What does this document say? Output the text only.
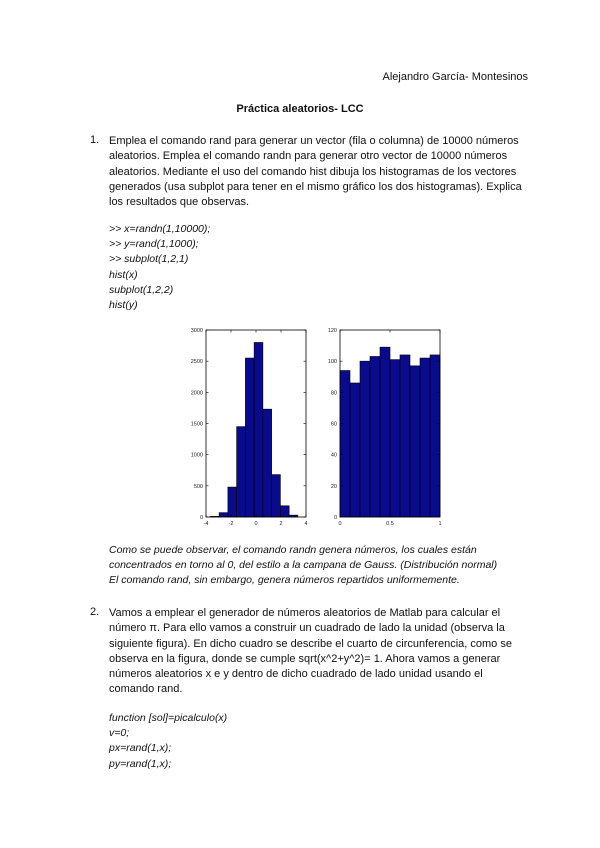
Alejandro García- Montesinos
Práctica aleatorios- LCC
1. Emplea el comando rand para generar un vector (fila o columna) de 10000 números
aleatorios. Emplea el comando randn para generar otro vector de 10000 números
aleatorios. Mediante el uso del comando hist dibuja los histogramas de los vectores
generados (usa subplot para tener en el mismo gráfico los dos histogramas). Explica
los resultados que observas.
>> x=randn(1,10000);
>> y=rand(1,1000);
>> subplot(1,2,1)
hist(x)
subplot(1,2,2)
hist(y)
0
500
1000
1500
2000
2500
3000
-4	-2	0	2	4
0
20
40
60
80
100
120
0	0.5	1
Como se puede observar, el comando randn genera números, los cuales están
concentrados en torno al 0, del estilo a la campana de Gauss. (Distribución normal)
El comando rand, sin embargo, genera números repartidos uniformemente.
2. Vamos a emplear el generador de números aleatorios de Matlab para calcular el
número π. Para ello vamos a construir un cuadrado de lado la unidad (observa la
siguiente figura). En dicho cuadro se describe el cuarto de circunferencia, como se
observa en la figura, donde se cumple sqrt(x^2+y^2)= 1. Ahora vamos a generar
números aleatorios x e y dentro de dicho cuadrado de lado unidad usando el
comando rand.
function [sol]=picalculo(x)
v=0;
px=rand(1,x);
py=rand(1,x);
